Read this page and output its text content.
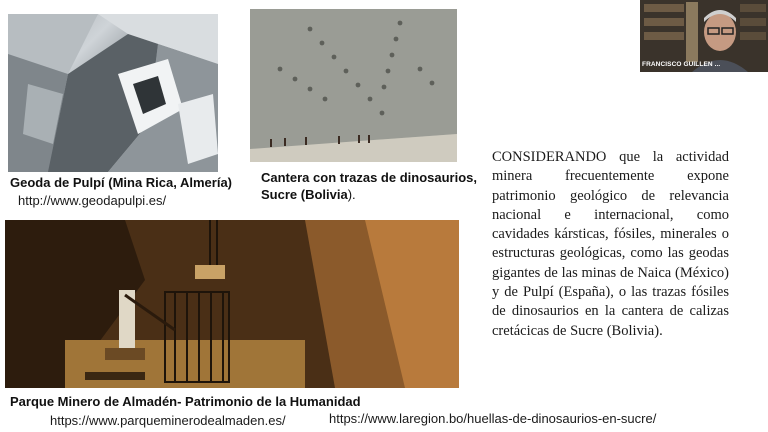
Geoda de Pulpí (Mina Rica, Almería)
http://www.geodapulpi.es/
Cantera con trazas de dinosaurios,
Sucre (Bolivia).
Parque Minero de Almadén- Patrimonio de la Humanidad
https://www.parqueminerodealmaden.es/	https://www.laregion.bo/huellas-de-dinosaurios-en-sucre/
CONSIDERANDO que la actividad minera frecuentemente expone patrimonio geológico de relevancia nacional e internacional, como cavidades kársticas, fósiles, minerales o estructuras geológicas, como las geodas gigantes de las minas de Naica (México) y de Pulpí (España), o las trazas fósiles de dinosaurios en la cantera de calizas cretácicas de Sucre (Bolivia).
FRANCISCO GUILLEN ...
